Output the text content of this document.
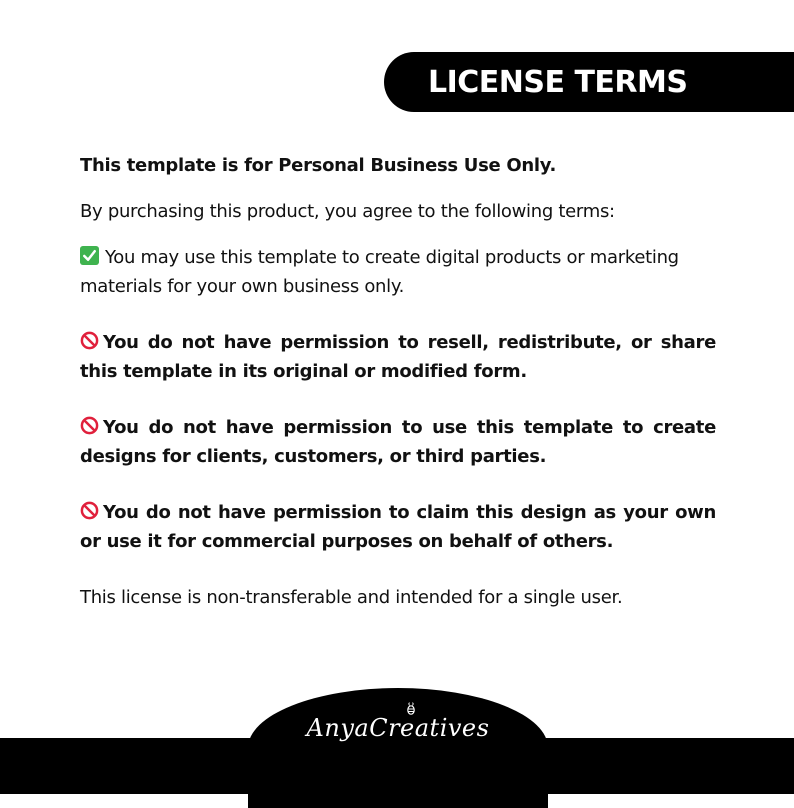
LICENSE TERMS

This template is for Personal Business Use Only.

By purchasing this product, you agree to the following terms:

You may use this template to create digital products or marketing materials for your own business only.

You do not have permission to resell, redistribute, or share this template in its original or modified form.

You do not have permission to use this template to create designs for clients, customers, or third parties.

You do not have permission to claim this design as your own or use it for commercial purposes on behalf of others.

This license is non-transferable and intended for a single user.

AnyaCreatives
